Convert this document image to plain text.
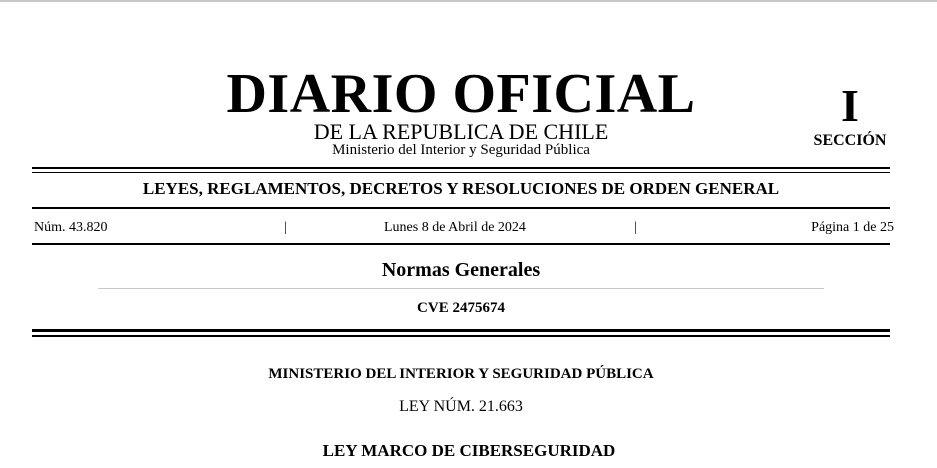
DIARIO OFICIAL
DE LA REPUBLICA DE CHILE
Ministerio del Interior y Seguridad Pública
I
SECCIÓN
LEYES, REGLAMENTOS, DECRETOS Y RESOLUCIONES DE ORDEN GENERAL
Núm. 43.820	|	Lunes 8 de Abril de 2024	|	Página 1 de 25
Normas Generales
CVE 2475674
MINISTERIO DEL INTERIOR Y SEGURIDAD PÚBLICA
LEY NÚM. 21.663
LEY MARCO DE CIBERSEGURIDAD
